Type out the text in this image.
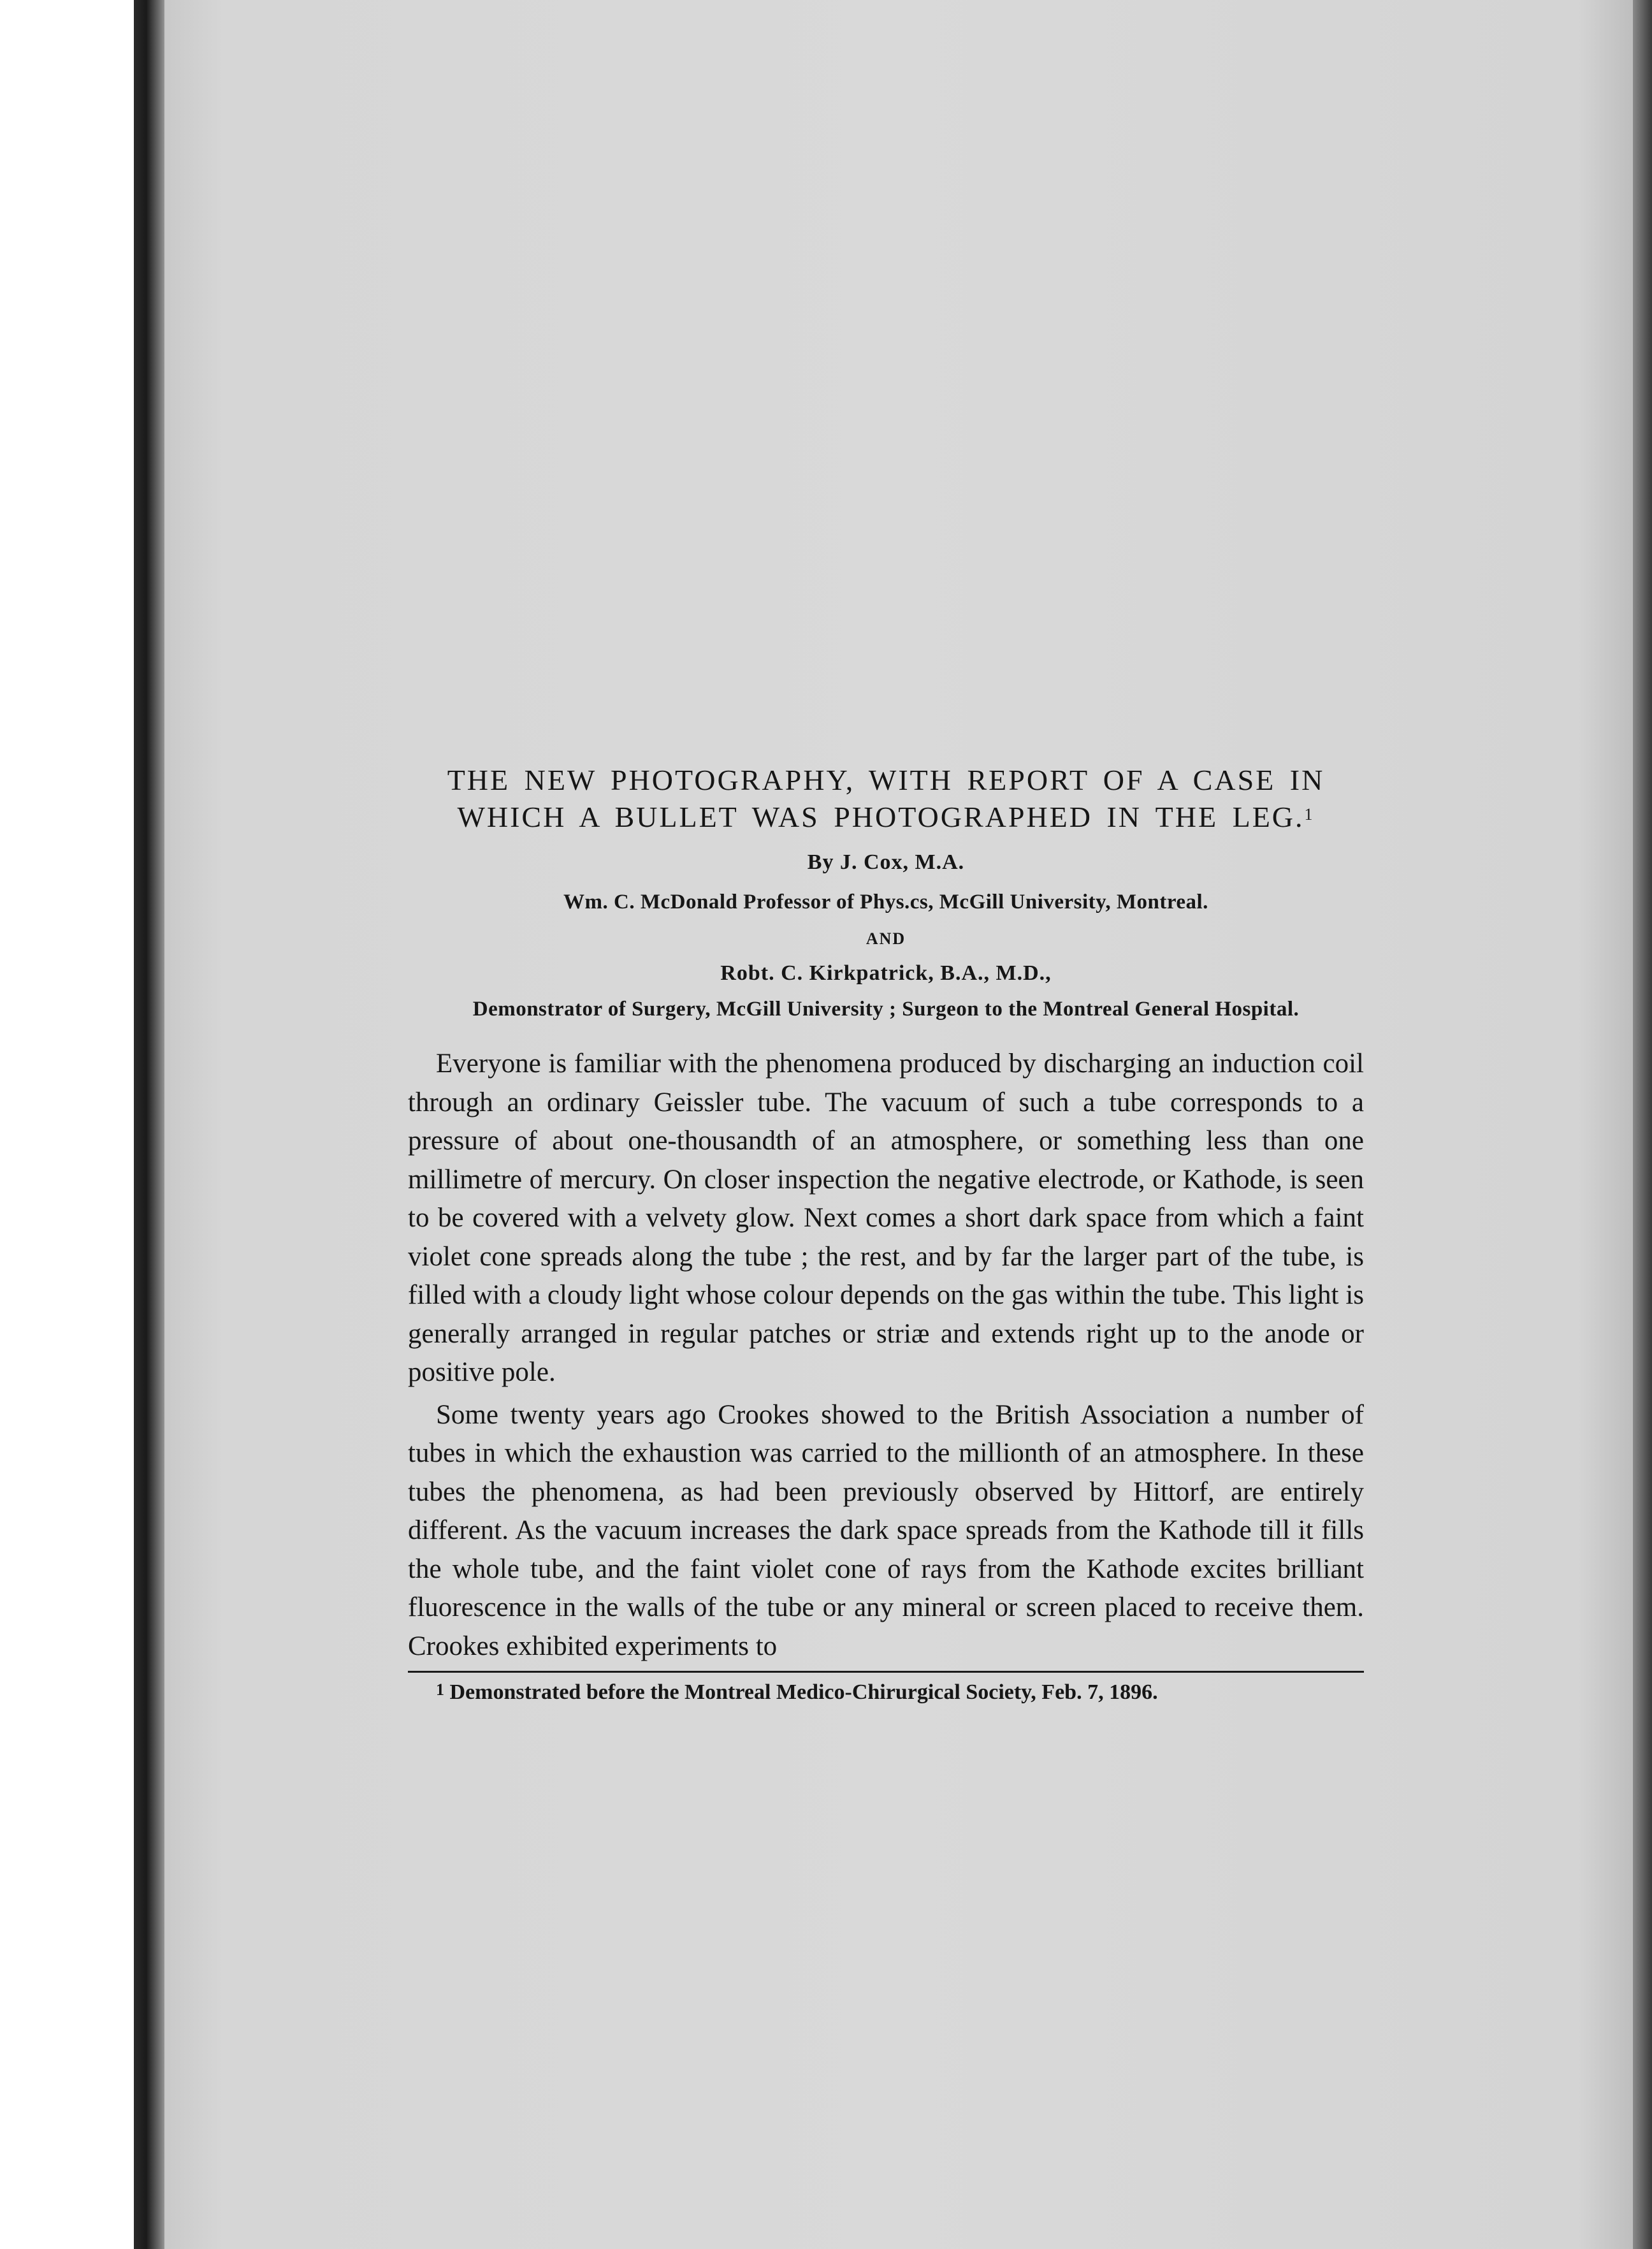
THE NEW PHOTOGRAPHY, WITH REPORT OF A CASE IN WHICH A BULLET WAS PHOTOGRAPHED IN THE LEG.$^1$
By J. Cox, M.A.
Wm. C. McDonald Professor of Phys.cs, McGill University, Montreal.
AND
Robt. C. Kirkpatrick, B.A., M.D.,
Demonstrator of Surgery, McGill University ; Surgeon to the Montreal General Hospital.

Everyone is familiar with the phenomena produced by discharging an induction coil through an ordinary Geissler tube. The vacuum of such a tube corresponds to a pressure of about one-thousandth of an atmosphere, or something less than one millimetre of mercury. On closer inspection the negative electrode, or Kathode, is seen to be covered with a velvety glow. Next comes a short dark space from which a faint violet cone spreads along the tube ; the rest, and by far the larger part of the tube, is filled with a cloudy light whose colour depends on the gas within the tube. This light is generally arranged in regular patches or striæ and extends right up to the anode or positive pole.

Some twenty years ago Crookes showed to the British Association a number of tubes in which the exhaustion was carried to the millionth of an atmosphere. In these tubes the phenomena, as had been previously observed by Hittorf, are entirely different. As the vacuum increases the dark space spreads from the Kathode till it fills the whole tube, and the faint violet cone of rays from the Kathode excites brilliant fluorescence in the walls of the tube or any mineral or screen placed to receive them. Crookes exhibited experiments to

$^1$ Demonstrated before the Montreal Medico-Chirurgical Society, Feb. 7, 1896.
